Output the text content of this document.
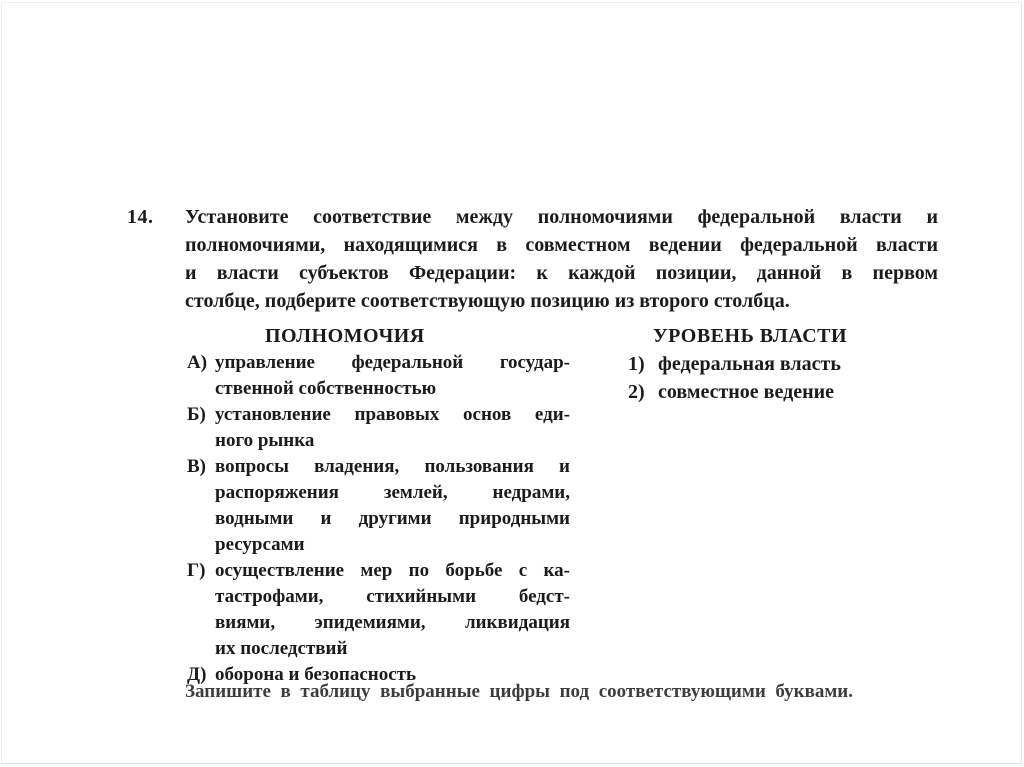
14. Установите соответствие между полномочиями федеральной власти и
полномочиями, находящимися в совместном ведении федеральной власти
и власти субъектов Федерации: к каждой позиции, данной в первом
столбце, подберите соответствующую позицию из второго столбца.
ПОЛНОМОЧИЯ
А) управление федеральной государ-
ственной собственностью
Б) установление правовых основ еди-
ного рынка
В) вопросы владения, пользования и
распоряжения землей, недрами,
водными и другими природными
ресурсами
Г) осуществление мер по борьбе с ка-
тастрофами, стихийными бедст-
виями, эпидемиями, ликвидация
их последствий
Д) оборона и безопасность
УРОВЕНЬ ВЛАСТИ
1) федеральная власть
2) совместное ведение
Запишите в таблицу выбранные цифры под соответствующими буквами.
